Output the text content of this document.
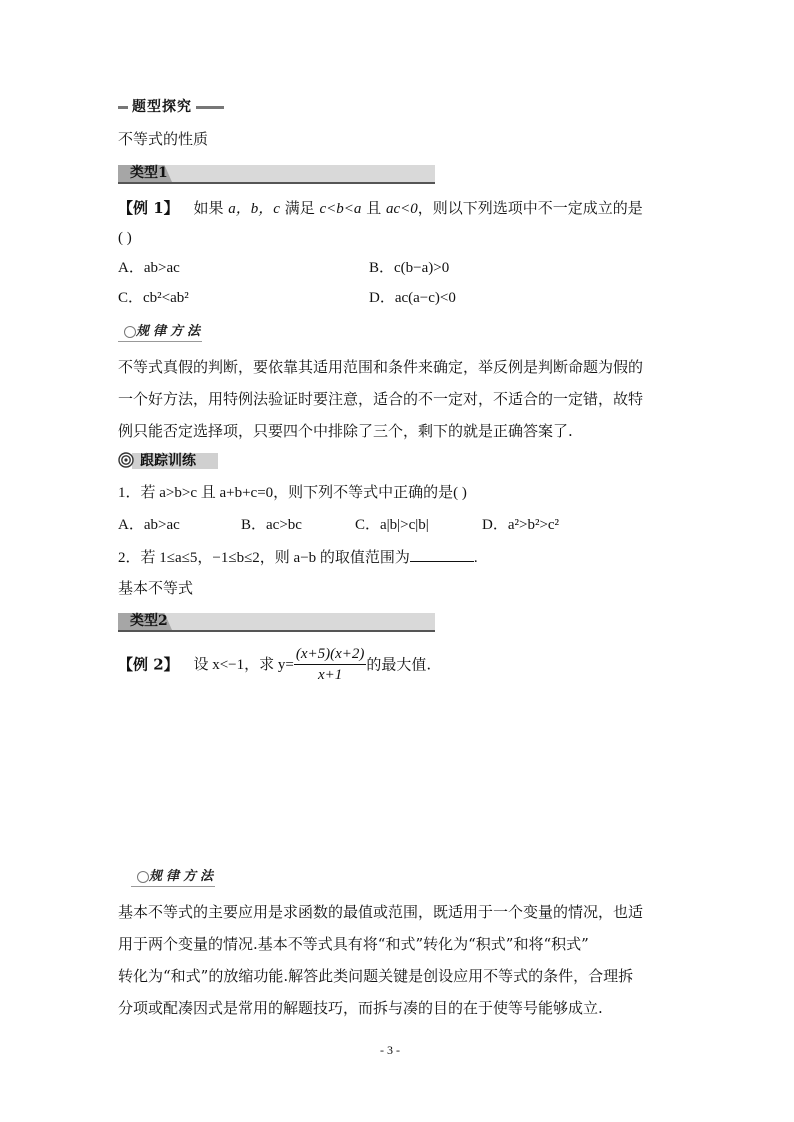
题型探究
不等式的性质
类型1
【例 1】 如果 a，b，c 满足 c<b<a 且 ac<0，则以下列选项中不一定成立的是
( )
A．ab>ac	B．c(b−a)>0
C．cb²<ab²	D．ac(a−c)<0
规律方法
不等式真假的判断，要依靠其适用范围和条件来确定，举反例是判断命题为假的
一个好方法，用特例法验证时要注意，适合的不一定对，不适合的一定错，故特
例只能否定选择项，只要四个中排除了三个，剩下的就是正确答案了.
跟踪训练
1．若 a>b>c 且 a+b+c=0，则下列不等式中正确的是( )
A．ab>ac	B．ac>bc	C．a|b|>c|b|	D．a²>b²>c²
2．若 1≤a≤5，−1≤b≤2，则 a−b 的取值范围为	.
基本不等式
类型2
【例 2】 设 x<−1，求 $y= \frac{(x+5)(x+2)}{x+1}$ 的最大值.
规律方法
基本不等式的主要应用是求函数的最值或范围，既适用于一个变量的情况，也适
用于两个变量的情况.基本不等式具有将“和式”转化为“积式”和将“积式”
转化为“和式”的放缩功能.解答此类问题关键是创设应用不等式的条件，合理拆
分项或配凑因式是常用的解题技巧，而拆与凑的目的在于使等号能够成立.
- 3 -
